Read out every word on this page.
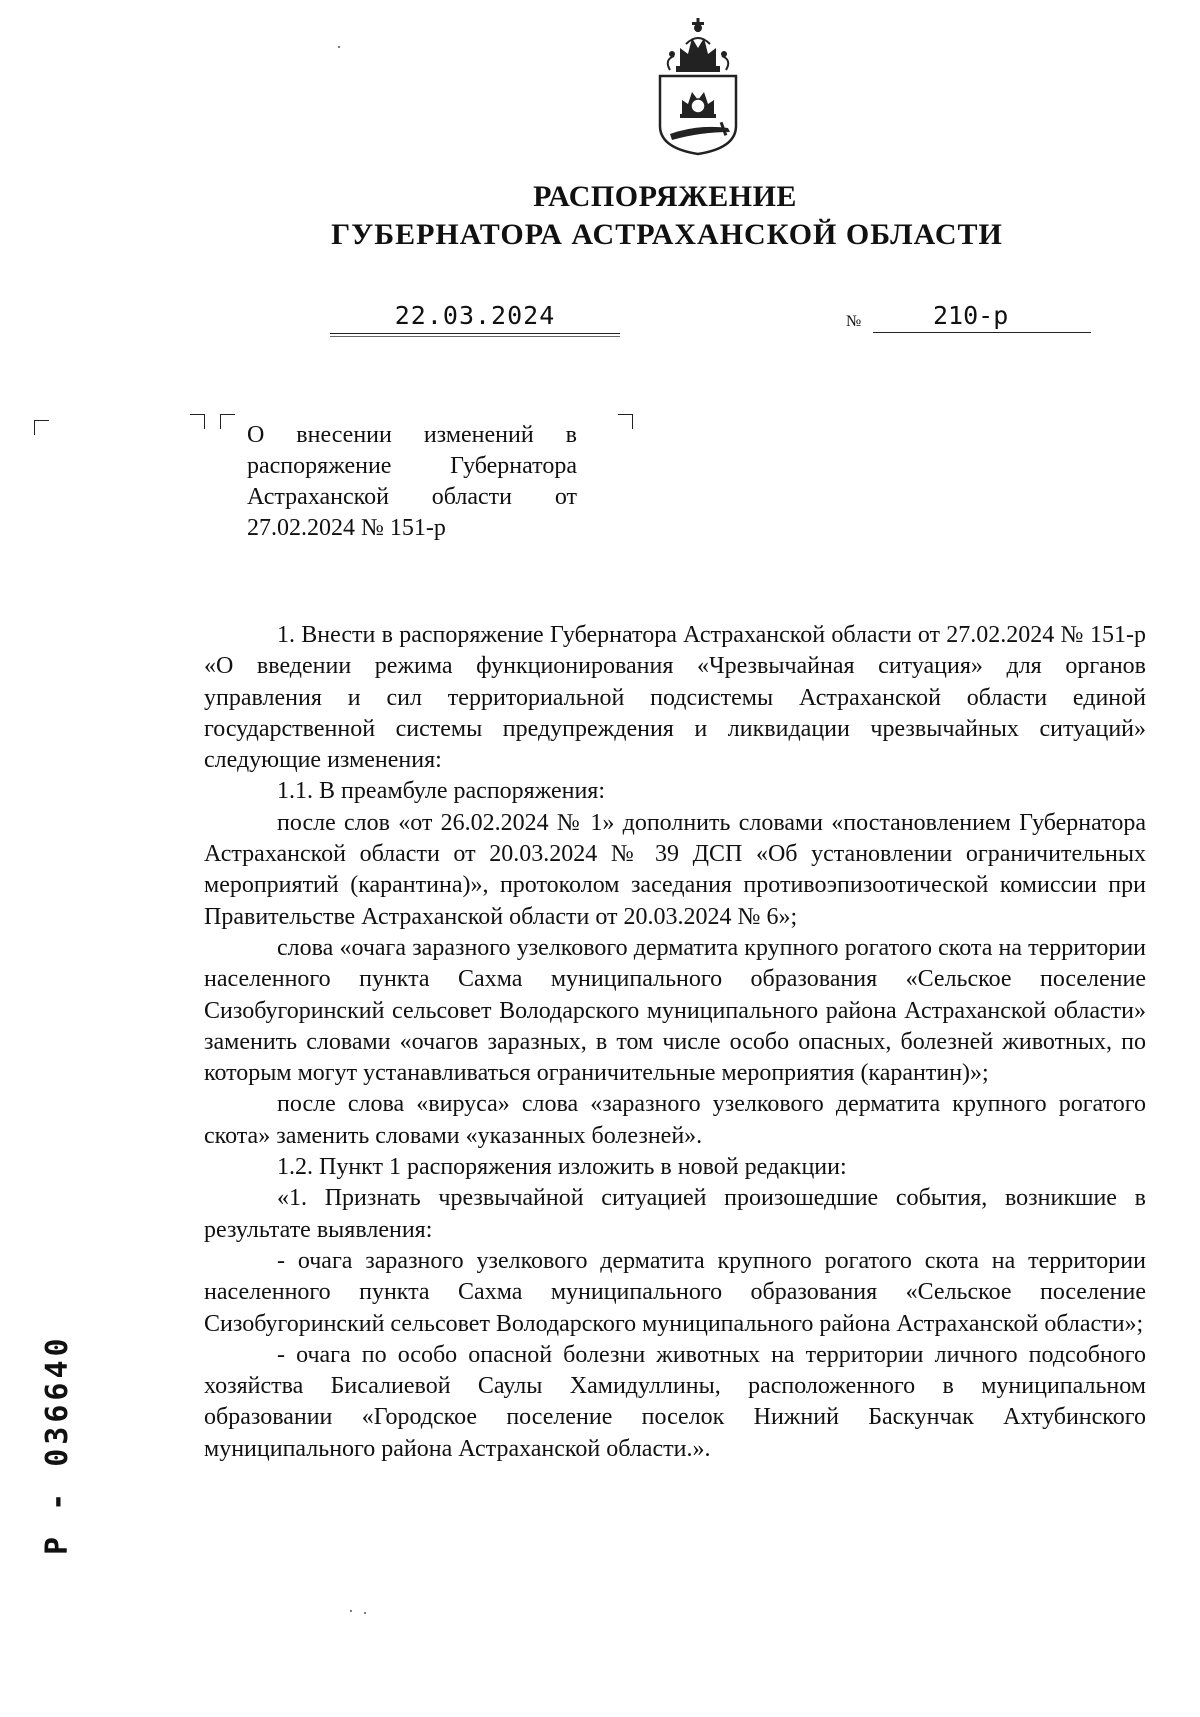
РАСПОРЯЖЕНИЕ
ГУБЕРНАТОРА АСТРАХАНСКОЙ ОБЛАСТИ
22.03.2024	№	210-р
О внесении изменений в
распоряжение Губернатора
Астраханской области от
27.02.2024 № 151-р

1. Внести в распоряжение Губернатора Астраханской области от 27.02.2024 № 151-р «О введении режима функционирования «Чрезвычайная ситуация» для органов управления и сил территориальной подсистемы Астраханской области единой государственной системы предупреждения и ликвидации чрезвычайных ситуаций» следующие изменения:

1.1. В преамбуле распоряжения:

после слов «от 26.02.2024 № 1» дополнить словами «постановлением Губернатора Астраханской области от 20.03.2024 № 39 ДСП «Об установлении ограничительных мероприятий (карантина)», протоколом заседания противоэпизоотической комиссии при Правительстве Астраханской области от 20.03.2024 № 6»;

слова «очага заразного узелкового дерматита крупного рогатого скота на территории населенного пункта Сахма муниципального образования «Сельское поселение Сизобугоринский сельсовет Володарского муниципального района Астраханской области» заменить словами «очагов заразных, в том числе особо опасных, болезней животных, по которым могут устанавливаться ограничительные мероприятия (карантин)»;

после слова «вируса» слова «заразного узелкового дерматита крупного рогатого скота» заменить словами «указанных болезней».

1.2. Пункт 1 распоряжения изложить в новой редакции:

«1. Признать чрезвычайной ситуацией произошедшие события, возникшие в результате выявления:

- очага заразного узелкового дерматита крупного рогатого скота на территории населенного пункта Сахма муниципального образования «Сельское поселение Сизобугоринский сельсовет Володарского муниципального района Астраханской области»;

- очага по особо опасной болезни животных на территории личного подсобного хозяйства Бисалиевой Саулы Хамидуллины, расположенного в муниципальном образовании «Городское поселение поселок Нижний Баскунчак Ахтубинского муниципального района Астраханской области.».

Р - 036640
